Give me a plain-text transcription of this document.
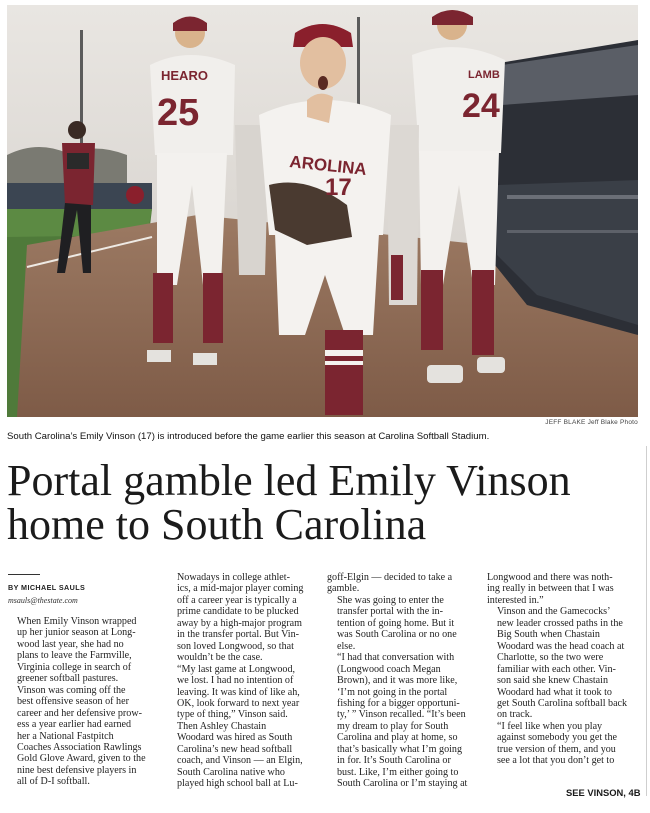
HEARO
25
LAMB
24
AROLINA
17
JEFF BLAKE Jeff Blake Photo
South Carolina’s Emily Vinson (17) is introduced before the game earlier this season at Carolina Softball Stadium.
Portal gamble led Emily Vinson
home to South Carolina
BY MICHAEL SAULS
msauls@thestate.com

When Emily Vinson wrapped
up her junior season at Long-
wood last year, she had no
plans to leave the Farmville,
Virginia college in search of
greener softball pastures.

Vinson was coming off the
best offensive season of her
career and her defensive prow-
ess a year earlier had earned
her a National Fastpitch
Coaches Association Rawlings
Gold Glove Award, given to the
nine best defensive players in
all of D-I softball.

Nowadays in college athlet-
ics, a mid-major player coming
off a career year is typically a
prime candidate to be plucked
away by a high-major program
in the transfer portal. But Vin-
son loved Longwood, so that
wouldn’t be the case.

“My last game at Longwood,
we lost. I had no intention of
leaving. It was kind of like ah,
OK, look forward to next year
type of thing,” Vinson said.

Then Ashley Chastain
Woodard was hired as South
Carolina’s new head softball
coach, and Vinson — an Elgin,
South Carolina native who
played high school ball at Lu-

goff-Elgin — decided to take a
gamble.

She was going to enter the
transfer portal with the in-
tention of going home. But it
was South Carolina or no one
else.

“I had that conversation with
(Longwood coach Megan
Brown), and it was more like,
‘I’m not going in the portal
fishing for a bigger opportuni-
ty,’ ” Vinson recalled. “It’s been
my dream to play for South
Carolina and play at home, so
that’s basically what I’m going
in for. It’s South Carolina or
bust. Like, I’m either going to
South Carolina or I’m staying at

Longwood and there was noth-
ing really in between that I was
interested in.”

Vinson and the Gamecocks’
new leader crossed paths in the
Big South when Chastain
Woodard was the head coach at
Charlotte, so the two were
familiar with each other. Vin-
son said she knew Chastain
Woodard had what it took to
get South Carolina softball back
on track.

“I feel like when you play
against somebody you get the
true version of them, and you
see a lot that you don’t get to

SEE VINSON, 4B
